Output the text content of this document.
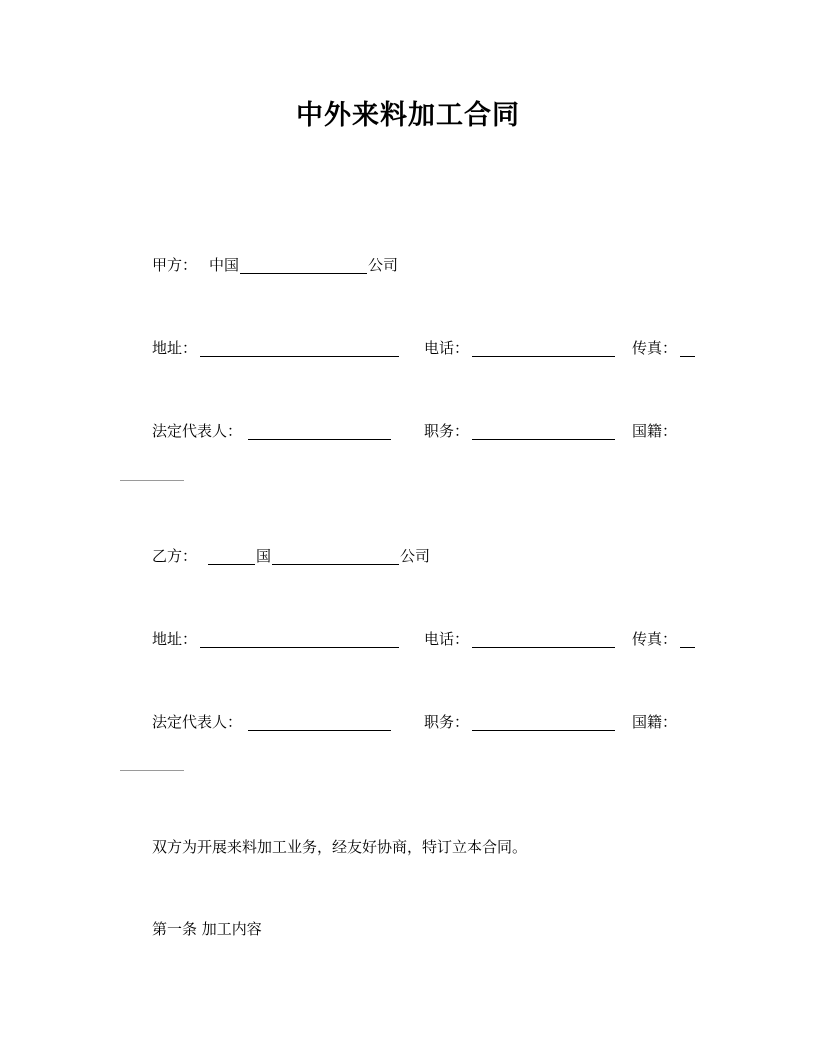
中外来料加工合同
甲方： 中国	公司
地址：	电话：	传真：
法定代表人：	职务：	国籍：
乙方：	国	公司
地址：	电话：	传真：
法定代表人：	职务：	国籍：
双方为开展来料加工业务，经友好协商，特订立本合同。
第一条 加工内容
